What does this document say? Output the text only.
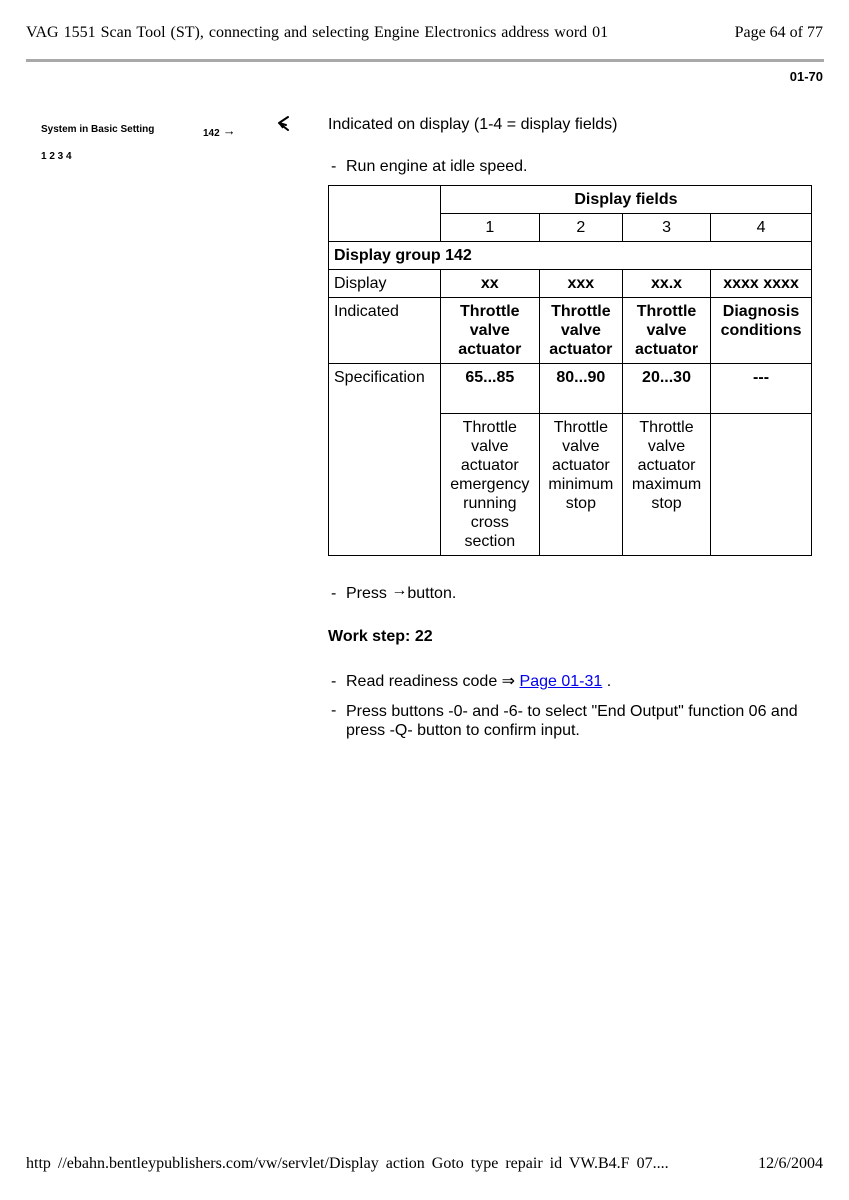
VAG 1551 Scan Tool (ST), connecting and selecting Engine Electronics address word 01	Page 64 of 77
01-70
System in Basic Setting	142 →
1 2 3 4
Indicated on display (1-4 = display fields)
- Run engine at idle speed.
	Display fields			
	1	2	3	4
Display group 142				
Display	xx	xxx	xx.x	xxxx xxxx
Indicated	Throttle valve actuator	Throttle valve actuator	Throttle valve actuator	Diagnosis conditions
Specification	65...85	80...90	20...30	---
	Throttle valve actuator emergency running cross section	Throttle valve actuator minimum stop	Throttle valve actuator maximum stop	
- Press →button.
Work step: 22
- Read readiness code ⇒ Page 01-31 .
- Press buttons -0- and -6- to select "End Output" function 06 and press -Q- button to confirm input.
http //ebahn.bentleypublishers.com/vw/servlet/Display action Goto type repair id VW.B4.F 07....	12/6/2004
